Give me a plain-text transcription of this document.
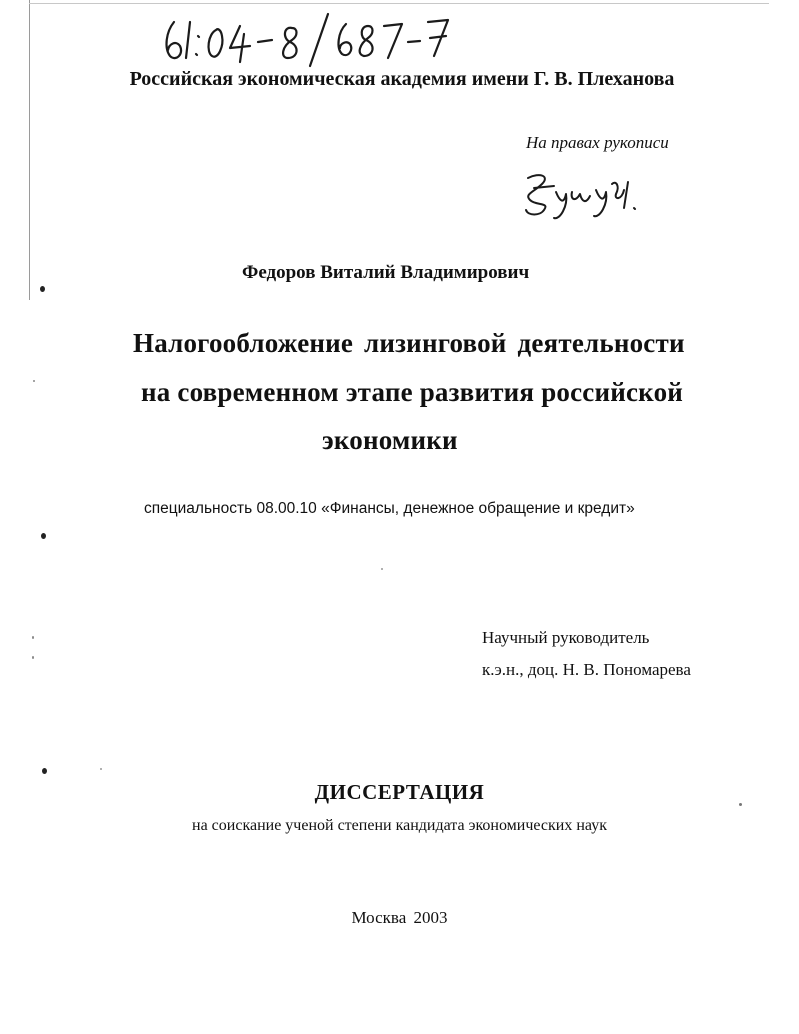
Российская экономическая академия имени Г. В. Плеханова
На правах рукописи
Федоров Виталий Владимирович
Налогообложение лизинговой деятельности
на современном этапе развития российской
экономики
специальность 08.00.10 «Финансы, денежное обращение и кредит»
Научный руководитель
к.э.н., доц. Н. В. Пономарева
ДИССЕРТАЦИЯ
на соискание ученой степени кандидата экономических наук
Москва 2003
